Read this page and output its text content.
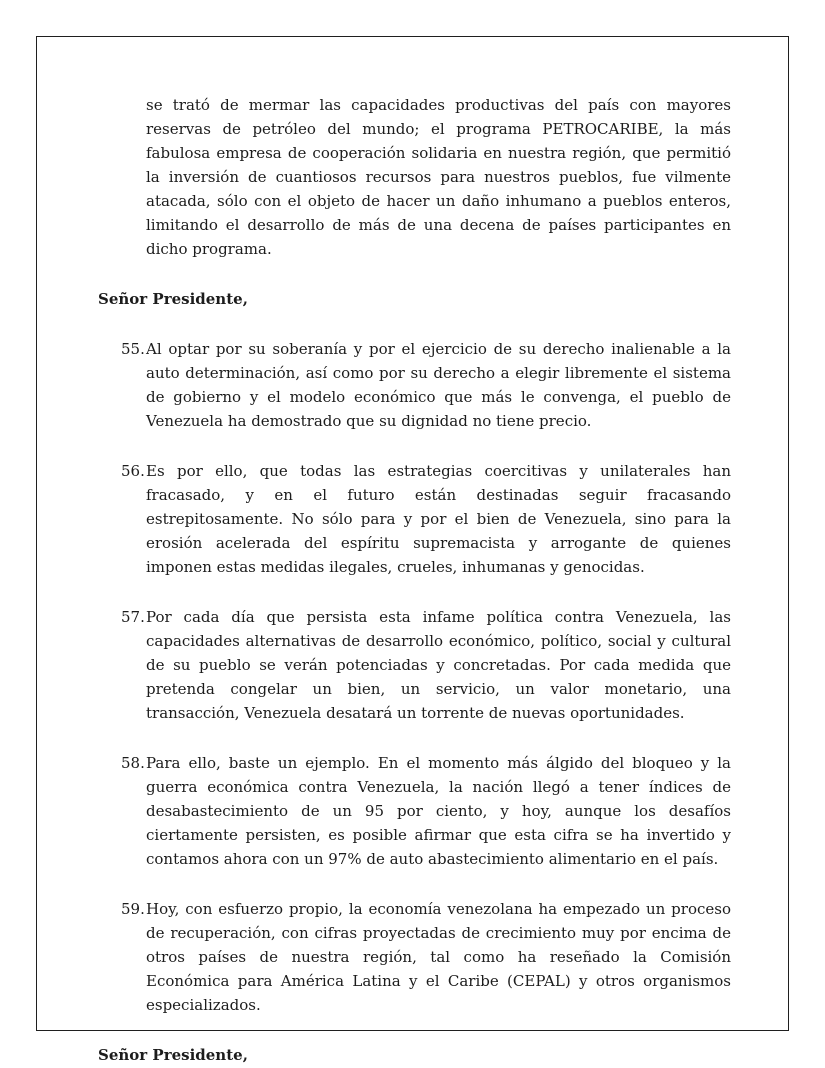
se trató de mermar las capacidades productivas del país con mayores reservas de petróleo del mundo; el programa PETROCARIBE, la más fabulosa empresa de cooperación solidaria en nuestra región, que permitió la inversión de cuantiosos recursos para nuestros pueblos, fue vilmente atacada, sólo con el objeto de hacer un daño inhumano a pueblos enteros, limitando el desarrollo de más de una decena de países participantes en dicho programa.

Señor Presidente,

55. Al optar por su soberanía y por el ejercicio de su derecho inalienable a la auto determinación, así como por su derecho a elegir libremente el sistema de gobierno y el modelo económico que más le convenga, el pueblo de Venezuela ha demostrado que su dignidad no tiene precio.
56. Es por ello, que todas las estrategias coercitivas y unilaterales han fracasado, y en el futuro están destinadas seguir fracasando estrepitosamente. No sólo para y por el bien de Venezuela, sino para la erosión acelerada del espíritu supremacista y arrogante de quienes imponen estas medidas ilegales, crueles, inhumanas y genocidas.
57. Por cada día que persista esta infame política contra Venezuela, las capacidades alternativas de desarrollo económico, político, social y cultural de su pueblo se verán potenciadas y concretadas. Por cada medida que pretenda congelar un bien, un servicio, un valor monetario, una transacción, Venezuela desatará un torrente de nuevas oportunidades.
58. Para ello, baste un ejemplo. En el momento más álgido del bloqueo y la guerra económica contra Venezuela, la nación llegó a tener índices de desabastecimiento de un 95 por ciento, y hoy, aunque los desafíos ciertamente persisten, es posible afirmar que esta cifra se ha invertido y contamos ahora con un 97% de auto abastecimiento alimentario en el país.
59. Hoy, con esfuerzo propio, la economía venezolana ha empezado un proceso de recuperación, con cifras proyectadas de crecimiento muy por encima de otros países de nuestra región, tal como ha reseñado la Comisión Económica para América Latina y el Caribe (CEPAL) y otros organismos especializados.

Señor Presidente,
